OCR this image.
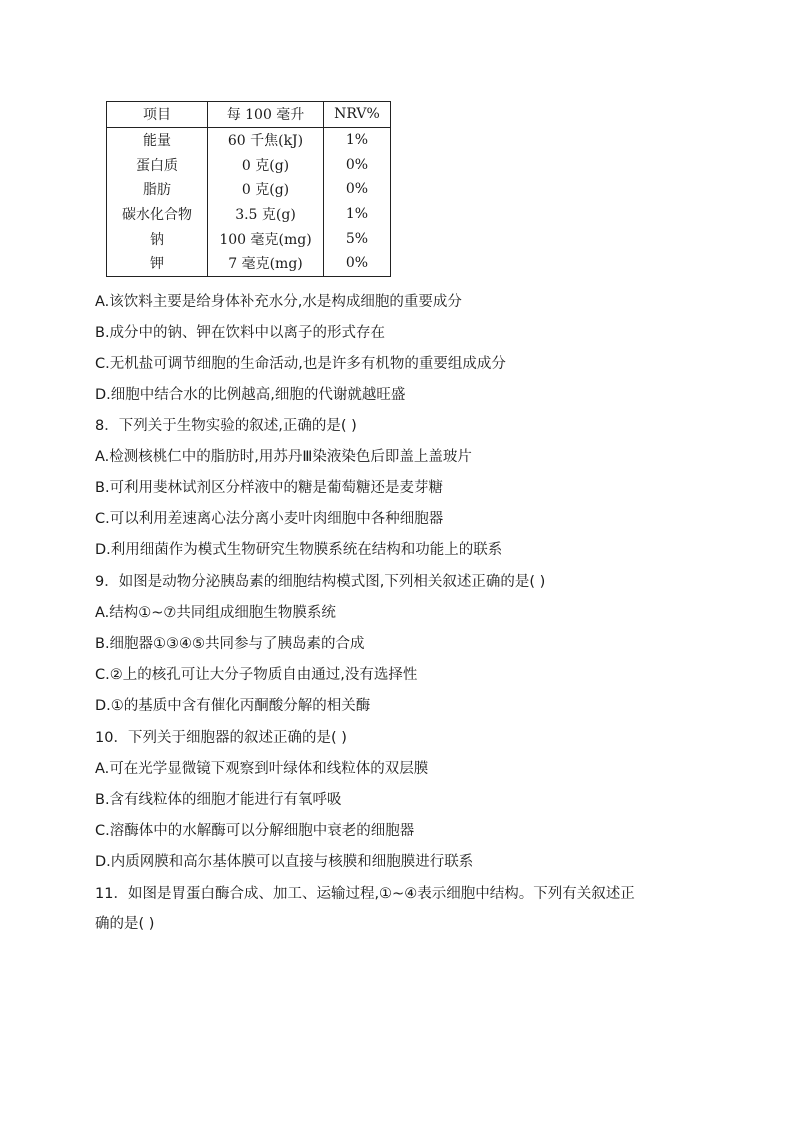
项目	每 100 毫升	NRV%
能量	60 千焦(kJ)	1%
蛋白质	0 克(g)	0%
脂肪	0 克(g)	0%
碳水化合物	3.5 克(g)	1%
钠	100 毫克(mg)	5%
钾	7 毫克(mg)	0%
A.该饮料主要是给身体补充水分,水是构成细胞的重要成分
B.成分中的钠、钾在饮料中以离子的形式存在
C.无机盐可调节细胞的生命活动,也是许多有机物的重要组成成分
D.细胞中结合水的比例越高,细胞的代谢就越旺盛
8．下列关于生物实验的叙述,正确的是( )
A.检测核桃仁中的脂肪时,用苏丹Ⅲ染液染色后即盖上盖玻片
B.可利用斐林试剂区分样液中的糖是葡萄糖还是麦芽糖
C.可以利用差速离心法分离小麦叶肉细胞中各种细胞器
D.利用细菌作为模式生物研究生物膜系统在结构和功能上的联系
9．如图是动物分泌胰岛素的细胞结构模式图,下列相关叙述正确的是( )
A.结构①~⑦共同组成细胞生物膜系统
B.细胞器①③④⑤共同参与了胰岛素的合成
C.②上的核孔可让大分子物质自由通过,没有选择性
D.①的基质中含有催化丙酮酸分解的相关酶
10．下列关于细胞器的叙述正确的是( )
A.可在光学显微镜下观察到叶绿体和线粒体的双层膜
B.含有线粒体的细胞才能进行有氧呼吸
C.溶酶体中的水解酶可以分解细胞中衰老的细胞器
D.内质网膜和高尔基体膜可以直接与核膜和细胞膜进行联系
11．如图是胃蛋白酶合成、加工、运输过程,①~④表示细胞中结构。下列有关叙述正
确的是( )
